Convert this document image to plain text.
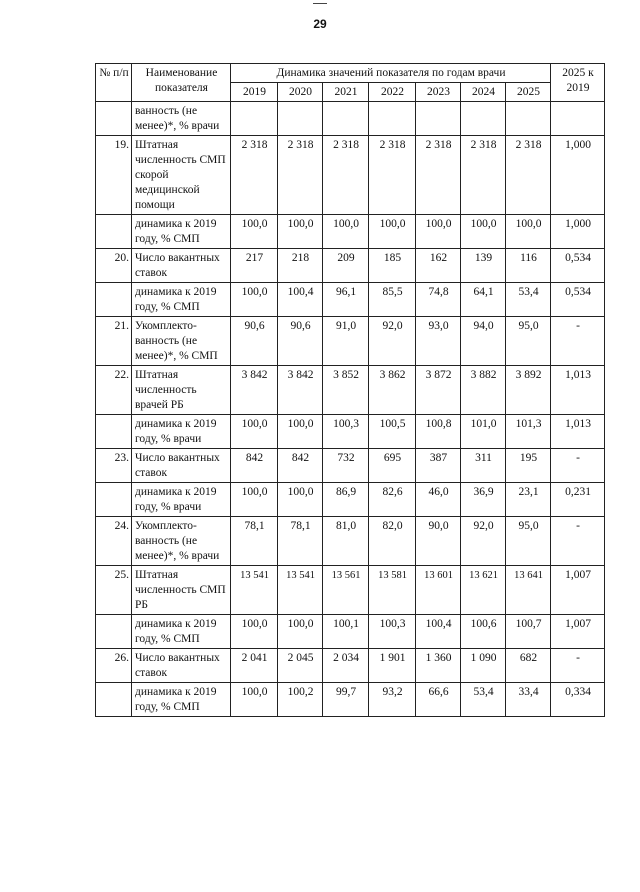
29
№ п/п	Наименование показателя	Динамика значений показателя по годам врачи							2025 к 2019
		2019	2020	2021	2022	2023	2024	2025	
	ванность (не менее)*, % врачи								
19.	Штатная численность СМП скорой медицинской помощи	2 318	2 318	2 318	2 318	2 318	2 318	2 318	1,000
	динамика к 2019 году, % СМП	100,0	100,0	100,0	100,0	100,0	100,0	100,0	1,000
20.	Число вакантных ставок	217	218	209	185	162	139	116	0,534
	динамика к 2019 году, % СМП	100,0	100,4	96,1	85,5	74,8	64,1	53,4	0,534
21.	Укомплекто-ванность (не менее)*, % СМП	90,6	90,6	91,0	92,0	93,0	94,0	95,0	-
22.	Штатная численность врачей РБ	3 842	3 842	3 852	3 862	3 872	3 882	3 892	1,013
	динамика к 2019 году, % врачи	100,0	100,0	100,3	100,5	100,8	101,0	101,3	1,013
23.	Число вакантных ставок	842	842	732	695	387	311	195	-
	динамика к 2019 году, % врачи	100,0	100,0	86,9	82,6	46,0	36,9	23,1	0,231
24.	Укомплекто-ванность (не менее)*, % врачи	78,1	78,1	81,0	82,0	90,0	92,0	95,0	-
25.	Штатная численность СМП РБ	13 541	13 541	13 561	13 581	13 601	13 621	13 641	1,007
	динамика к 2019 году, % СМП	100,0	100,0	100,1	100,3	100,4	100,6	100,7	1,007
26.	Число вакантных ставок	2 041	2 045	2 034	1 901	1 360	1 090	682	-
	динамика к 2019 году, % СМП	100,0	100,2	99,7	93,2	66,6	53,4	33,4	0,334
